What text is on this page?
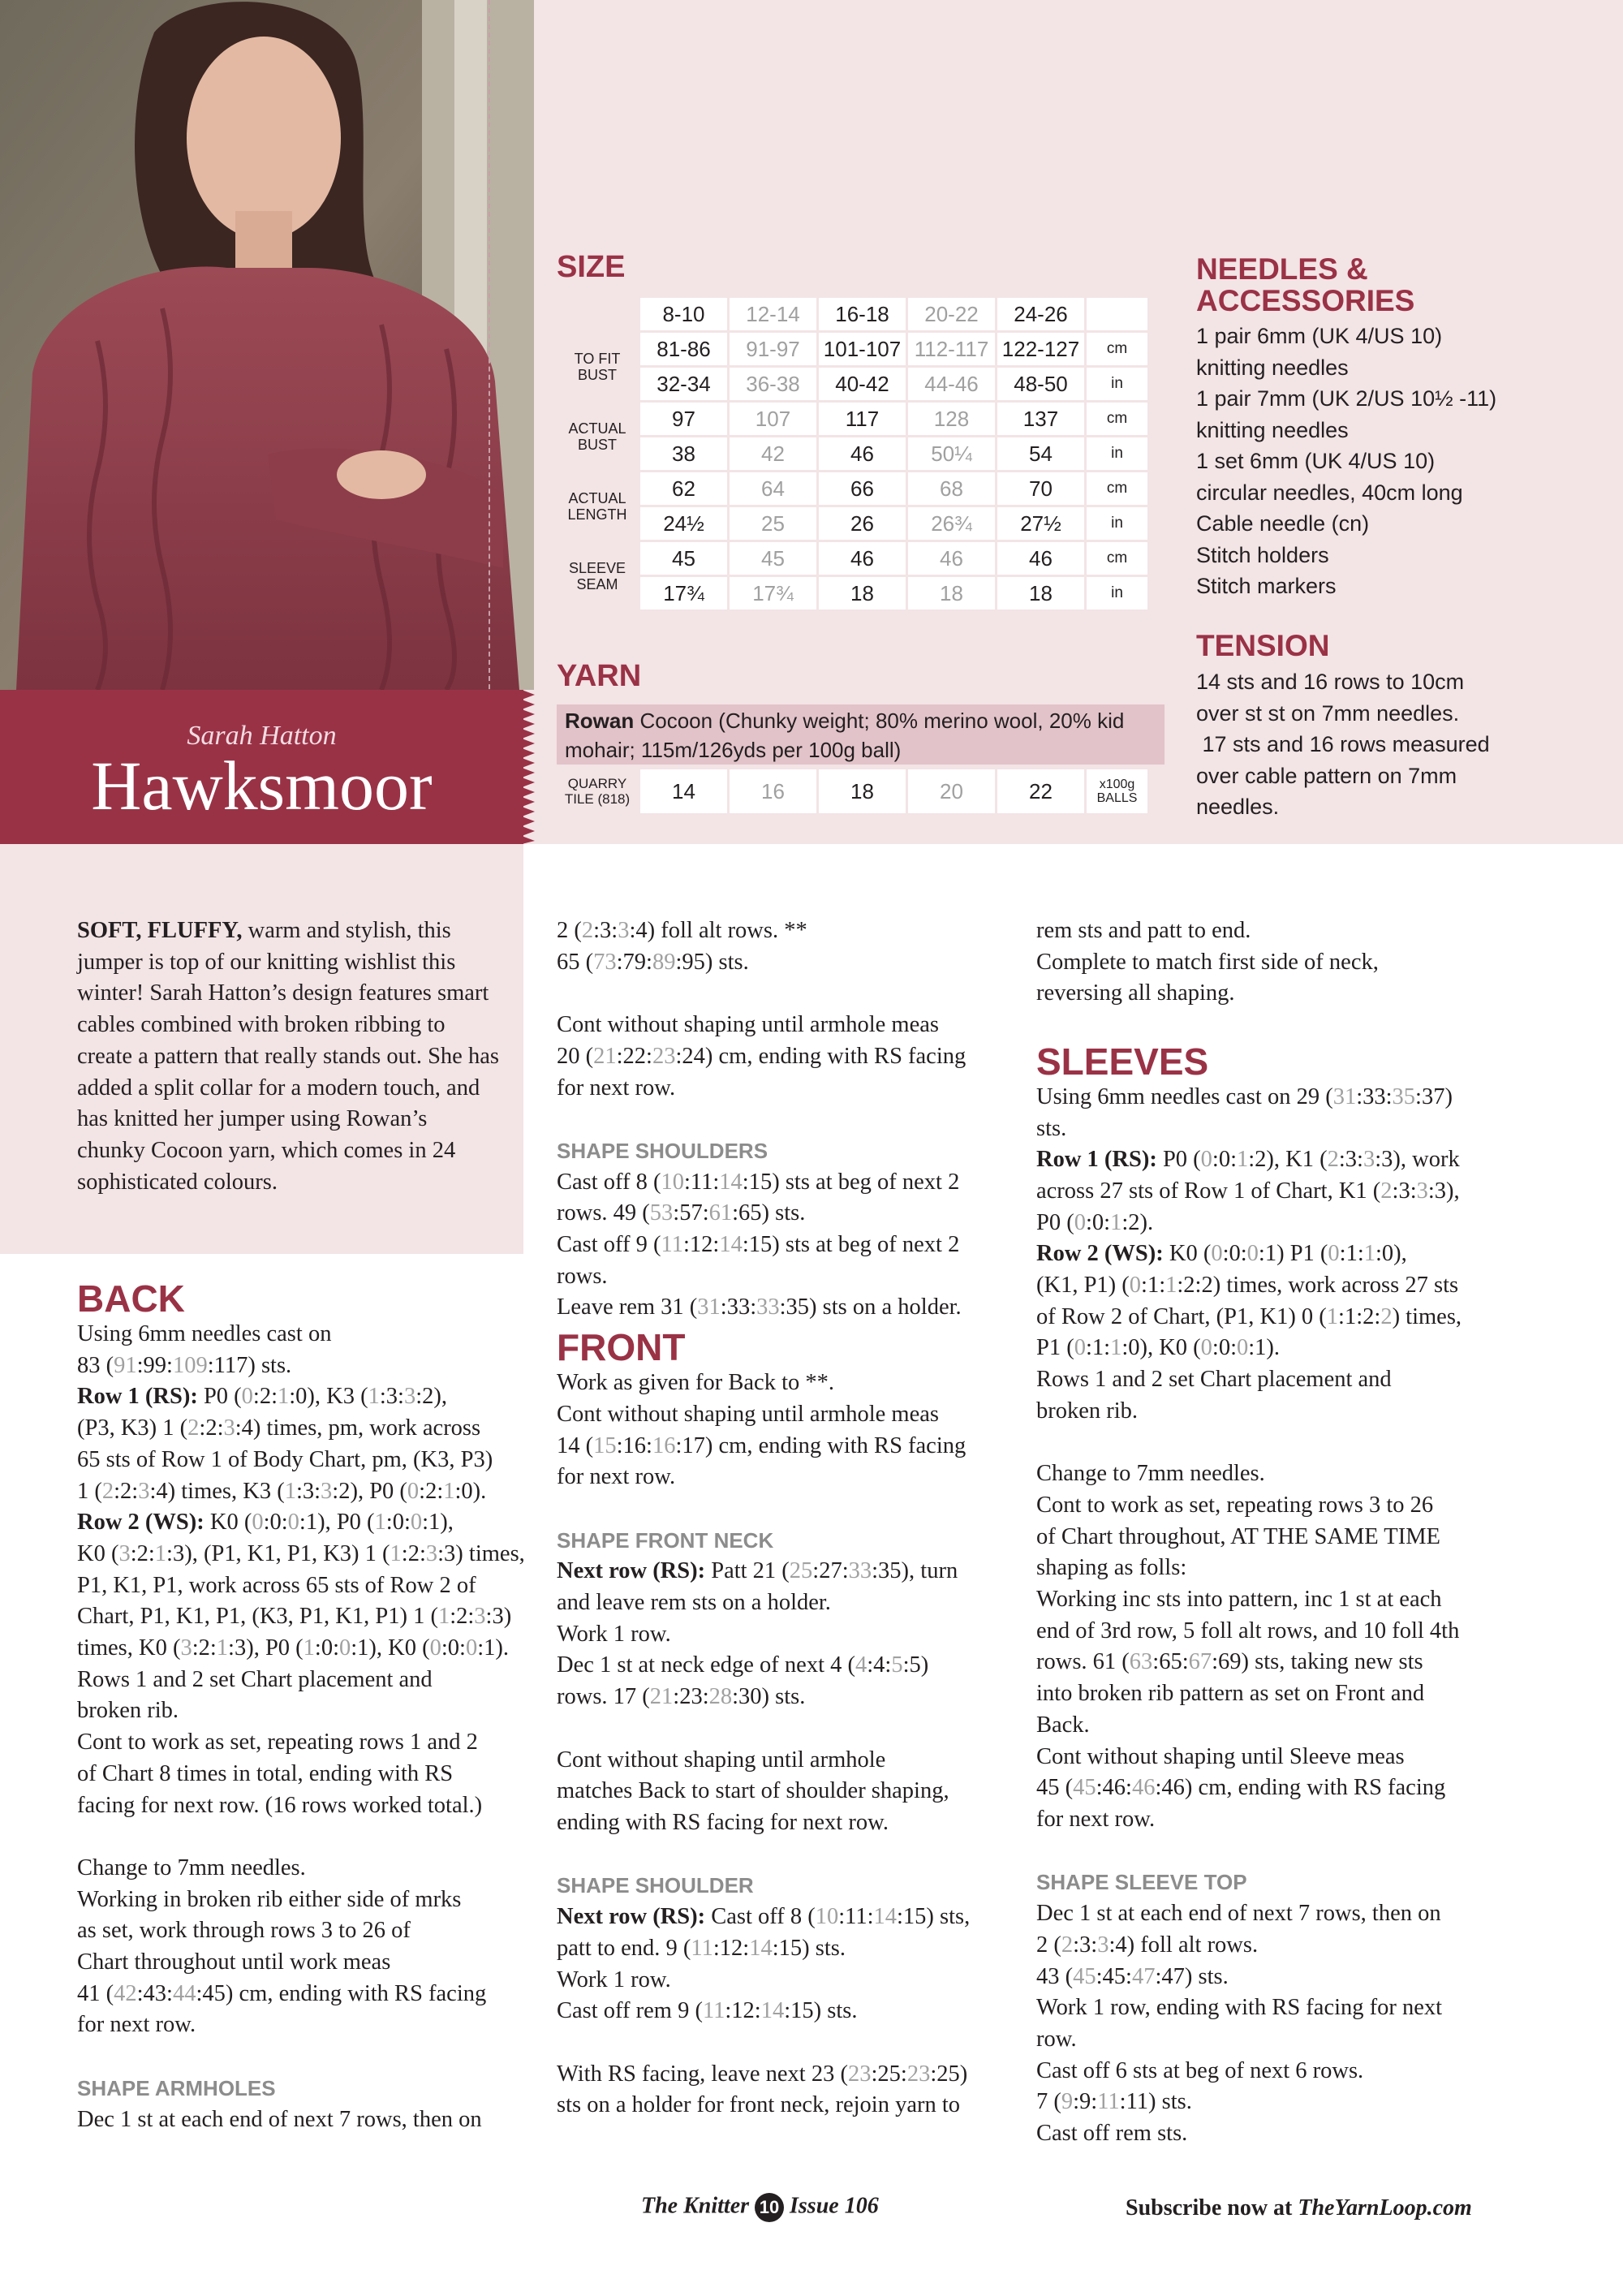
Sarah Hatton
Hawksmoor
SIZE
	8-10	12-14	16-18	20-22	24-26	
TO FIT BUST	81-86	91-97	101-107	112-117	122-127	cm
	32-34	36-38	40-42	44-46	48-50	in
ACTUAL BUST	97	107	117	128	137	cm
	38	42	46	50¼	54	in
ACTUAL LENGTH	62	64	66	68	70	cm
	24½	25	26	26¾	27½	in
SLEEVE SEAM	45	45	46	46	46	cm
	17¾	17¾	18	18	18	in
YARN
Rowan Cocoon (Chunky weight; 80% merino wool, 20% kid mohair; 115m/126yds per 100g ball)
QUARRY TILE (818)	14	16	18	20	22	x100g BALLS
NEEDLES & ACCESSORIES
1 pair 6mm (UK 4/US 10)
knitting needles
1 pair 7mm (UK 2/US 10½ -11)
knitting needles
1 set 6mm (UK 4/US 10)
circular needles, 40cm long
Cable needle (cn)
Stitch holders
Stitch markers
TENSION
14 sts and 16 rows to 10cm
over st st on 7mm needles.
17 sts and 16 rows measured
over cable pattern on 7mm
needles.
SOFT, FLUFFY, warm and stylish, this jumper is top of our knitting wishlist this winter! Sarah Hatton’s design features smart cables combined with broken ribbing to create a pattern that really stands out. She has added a split collar for a modern touch, and has knitted her jumper using Rowan’s chunky Cocoon yarn, which comes in 24 sophisticated colours.
BACK

Using 6mm needles cast on

83 (91:99:109:117) sts.

Row 1 (RS): P0 (0:2:1:0), K3 (1:3:3:2),

(P3, K3) 1 (2:2:3:4) times, pm, work across

65 sts of Row 1 of Body Chart, pm, (K3, P3)

1 (2:2:3:4) times, K3 (1:3:3:2), P0 (0:2:1:0).

Row 2 (WS): K0 (0:0:0:1), P0 (1:0:0:1),

K0 (3:2:1:3), (P1, K1, P1, K3) 1 (1:2:3:3) times,

P1, K1, P1, work across 65 sts of Row 2 of

Chart, P1, K1, P1, (K3, P1, K1, P1) 1 (1:2:3:3)

times, K0 (3:2:1:3), P0 (1:0:0:1), K0 (0:0:0:1).

Rows 1 and 2 set Chart placement and

broken rib.

Cont to work as set, repeating rows 1 and 2

of Chart 8 times in total, ending with RS

facing for next row. (16 rows worked total.)

Change to 7mm needles.

Working in broken rib either side of mrks

as set, work through rows 3 to 26 of

Chart throughout until work meas

41 (42:43:44:45) cm, ending with RS facing

for next row.

SHAPE ARMHOLES

Dec 1 st at each end of next 7 rows, then on

2 (2:3:3:4) foll alt rows. **

65 (73:79:89:95) sts.

Cont without shaping until armhole meas

20 (21:22:23:24) cm, ending with RS facing

for next row.

SHAPE SHOULDERS

Cast off 8 (10:11:14:15) sts at beg of next 2

rows. 49 (53:57:61:65) sts.

Cast off 9 (11:12:14:15) sts at beg of next 2

rows.

Leave rem 31 (31:33:33:35) sts on a holder.

FRONT

Work as given for Back to **.

Cont without shaping until armhole meas

14 (15:16:16:17) cm, ending with RS facing

for next row.

SHAPE FRONT NECK

Next row (RS): Patt 21 (25:27:33:35), turn

and leave rem sts on a holder.

Work 1 row.

Dec 1 st at neck edge of next 4 (4:4:5:5)

rows. 17 (21:23:28:30) sts.

Cont without shaping until armhole

matches Back to start of shoulder shaping,

ending with RS facing for next row.

SHAPE SHOULDER

Next row (RS): Cast off 8 (10:11:14:15) sts,

patt to end. 9 (11:12:14:15) sts.

Work 1 row.

Cast off rem 9 (11:12:14:15) sts.

With RS facing, leave next 23 (23:25:23:25)

sts on a holder for front neck, rejoin yarn to

rem sts and patt to end.

Complete to match first side of neck,

reversing all shaping.

SLEEVES

Using 6mm needles cast on 29 (31:33:35:37)

sts.

Row 1 (RS): P0 (0:0:1:2), K1 (2:3:3:3), work

across 27 sts of Row 1 of Chart, K1 (2:3:3:3),

P0 (0:0:1:2).

Row 2 (WS): K0 (0:0:0:1) P1 (0:1:1:0),

(K1, P1) (0:1:1:2:2) times, work across 27 sts

of Row 2 of Chart, (P1, K1) 0 (1:1:2:2) times,

P1 (0:1:1:0), K0 (0:0:0:1).

Rows 1 and 2 set Chart placement and

broken rib.

Change to 7mm needles.

Cont to work as set, repeating rows 3 to 26

of Chart throughout, AT THE SAME TIME

shaping as folls:

Working inc sts into pattern, inc 1 st at each

end of 3rd row, 5 foll alt rows, and 10 foll 4th

rows. 61 (63:65:67:69) sts, taking new sts

into broken rib pattern as set on Front and

Back.

Cont without shaping until Sleeve meas

45 (45:46:46:46) cm, ending with RS facing

for next row.

SHAPE SLEEVE TOP

Dec 1 st at each end of next 7 rows, then on

2 (2:3:3:4) foll alt rows.

43 (45:45:47:47) sts.

Work 1 row, ending with RS facing for next

row.

Cast off 6 sts at beg of next 6 rows.

7 (9:9:11:11) sts.

Cast off rem sts.

The Knitter 10 Issue 106	Subscribe now at TheYarnLoop.com
